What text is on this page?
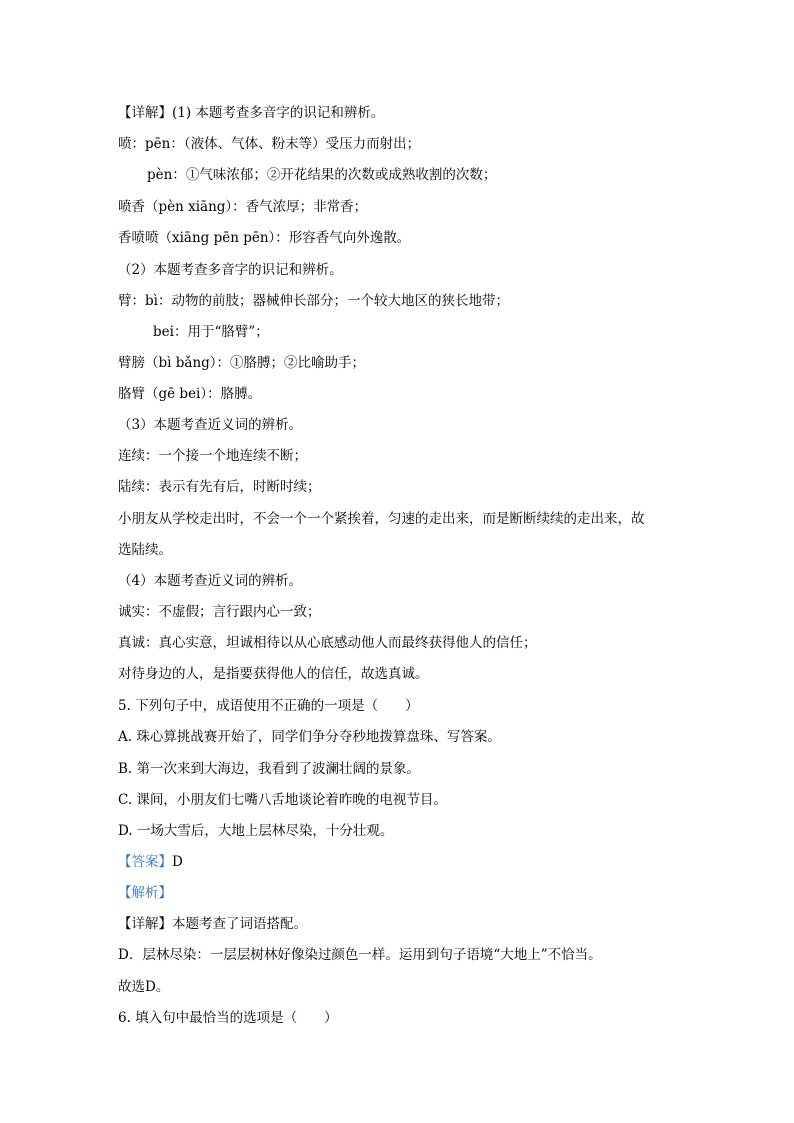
【详解】(1) 本题考查多音字的识记和辨析。
喷：pēn：（液体、气体、粉末等）受压力而射出；
pèn：①气味浓郁；②开花结果的次数或成熟收割的次数；
喷香（pèn xiāng）：香气浓厚；非常香；
香喷喷（xiāng pēn pēn）：形容香气向外逸散。
（2）本题考查多音字的识记和辨析。
臂：bì：动物的前肢；器械伸长部分；一个较大地区的狭长地带；
bei：用于“胳臂”；
臂膀（bì bǎng）：①胳膊；②比喻助手；
胳臂（gē bei）：胳膊。
（3）本题考查近义词的辨析。
连续：一个接一个地连续不断；
陆续：表示有先有后，时断时续；
小朋友从学校走出时，不会一个一个紧挨着，匀速的走出来，而是断断续续的走出来，故
选陆续。
（4）本题考查近义词的辨析。
诚实：不虚假；言行跟内心一致；
真诚：真心实意，坦诚相待以从心底感动他人而最终获得他人的信任；
对待身边的人，是指要获得他人的信任，故选真诚。
5. 下列句子中，成语使用不正确的一项是（　　）
A. 珠心算挑战赛开始了，同学们争分夺秒地拨算盘珠、写答案。
B. 第一次来到大海边，我看到了波澜壮阔的景象。
C. 课间，小朋友们七嘴八舌地谈论着昨晚的电视节目。
D. 一场大雪后，大地上层林尽染，十分壮观。
【答案】D
【解析】
【详解】本题考查了词语搭配。
D．层林尽染：一层层树林好像染过颜色一样。运用到句子语境“大地上”不恰当。
故选D。
6. 填入句中最恰当的选项是（　　）
